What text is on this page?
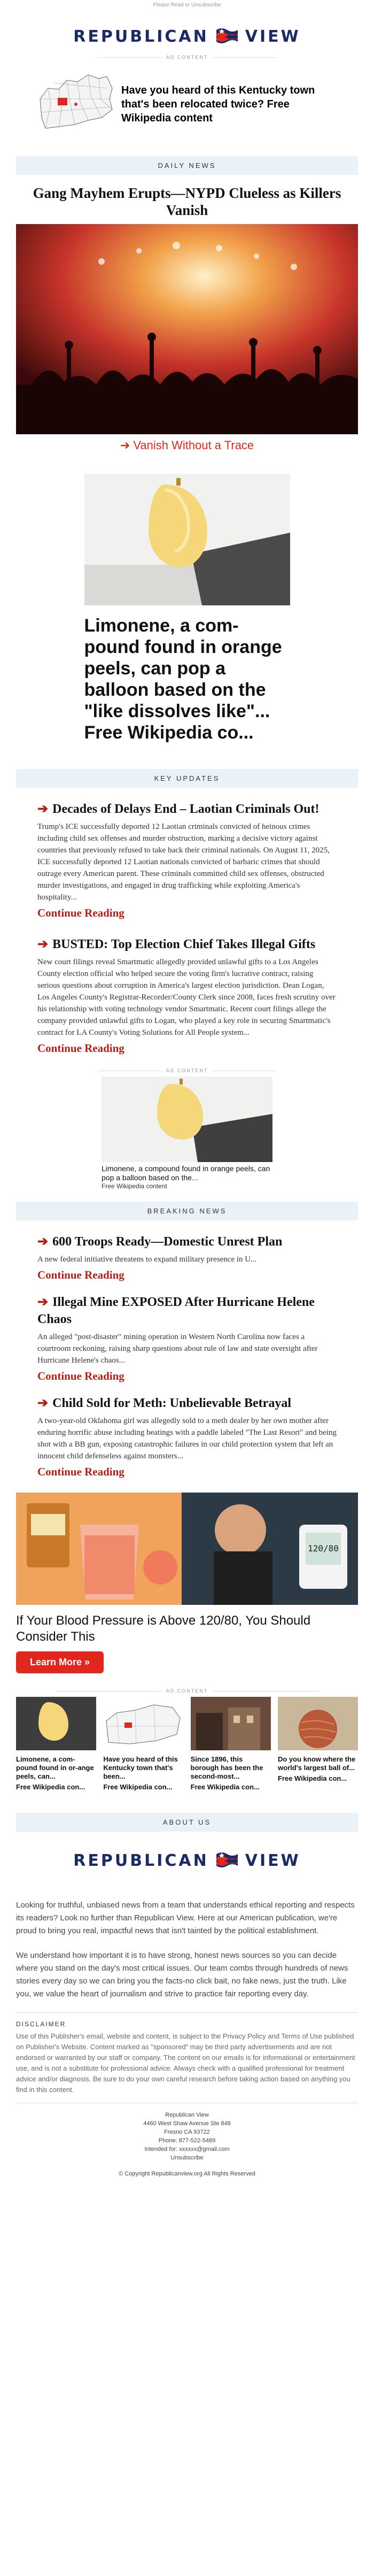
Please Read or Unsubscribe
REPUBLICAN VIEW
AD CONTENT
Have you heard of this Kentucky town that's been relocated twice? Free Wikipedia content
DAILY NEWS
Gang Mayhem Erupts—NYPD Clueless as Killers Vanish
➔ Vanish Without a Trace
Limonene, a com-pound found in orange peels, can pop a balloon based on the "like dissolves like"... Free Wikipedia co...
KEY UPDATES
➔ Decades of Delays End – Laotian Criminals Out!
Trump's ICE successfully deported 12 Laotian criminals convicted of heinous crimes including child sex offenses and murder obstruction, marking a decisive victory against countries that previously refused to take back their criminal nationals. On August 11, 2025, ICE successfully deported 12 Laotian nationals convicted of barbaric crimes that should outrage every American parent. These criminals committed child sex offenses, obstructed murder investigations, and engaged in drug trafficking while exploiting America's hospitality...
Continue Reading
➔ BUSTED: Top Election Chief Takes Illegal Gifts
New court filings reveal Smartmatic allegedly provided unlawful gifts to a Los Angeles County election official who helped secure the voting firm's lucrative contract, raising serious questions about corruption in America's largest election jurisdiction. Dean Logan, Los Angeles County's Registrar-Recorder/County Clerk since 2008, faces fresh scrutiny over his relationship with voting technology vendor Smartmatic. Recent court filings allege the company provided unlawful gifts to Logan, who played a key role in securing Smartmatic's contract for LA County's Voting Solutions for All People system...
Continue Reading
AD CONTENT
Limonene, a compound found in orange peels, can pop a balloon based on the...
Free Wikipedia content
BREAKING NEWS
➔ 600 Troops Ready—Domestic Unrest Plan
A new federal initiative threatens to expand military presence in U...
Continue Reading
➔ Illegal Mine EXPOSED After Hurricane Helene Chaos
An alleged "post-disaster" mining operation in Western North Carolina now faces a courtroom reckoning, raising sharp questions about rule of law and state oversight after Hurricane Helene's chaos...
Continue Reading
➔ Child Sold for Meth: Unbelievable Betrayal
A two-year-old Oklahoma girl was allegedly sold to a meth dealer by her own mother after enduring horrific abuse including beatings with a paddle labeled "The Last Resort" and being shot with a BB gun, exposing catastrophic failures in our child protection system that left an innocent child defenseless against monsters...
Continue Reading
120/80
If Your Blood Pressure is Above 120/80, You Should Consider This
Learn More »
AD CONTENT
Limonene, a com-pound found in or-ange peels, can...
Free Wikipedia con...
Have you heard of this Kentucky town that's been...
Free Wikipedia con...
Since 1896, this borough has been the second-most...
Free Wikipedia con...
Do you know where the world's largest ball of...
Free Wikipedia con...
ABOUT US
REPUBLICAN VIEW

Looking for truthful, unbiased news from a team that understands ethical reporting and respects its readers? Look no further than Republican View. Here at our American publication, we're proud to bring you real, impactful news that isn't tainted by the political establishment.

We understand how important it is to have strong, honest news sources so you can decide where you stand on the day's most critical issues. Our team combs through hundreds of news stories every day so we can bring you the facts-no click bait, no fake news, just the truth. Like you, we value the heart of journalism and strive to practice fair reporting every day.

DISCLAIMER
Use of this Publisher's email, website and content, is subject to the Privacy Policy and Terms of Use published on Publisher's Website. Content marked as "sponsored" may be third party advertisements and are not endorsed or warranted by our staff or company. The content on our emails is for informational or entertainment use, and is not a substitute for professional advice. Always check with a qualified professional for treatment advice and/or diagnosis. Be sure to do your own careful research before taking action based on anything you find in this content.
Republican View
4460 West Shaw Avenue Ste 848
Fresno CA 93722
Phone: 877-522-5489
Intended for: xxxxxx@gmail.com
Unsubscribe
© Copyright Republicanview.org All Rights Reserved
